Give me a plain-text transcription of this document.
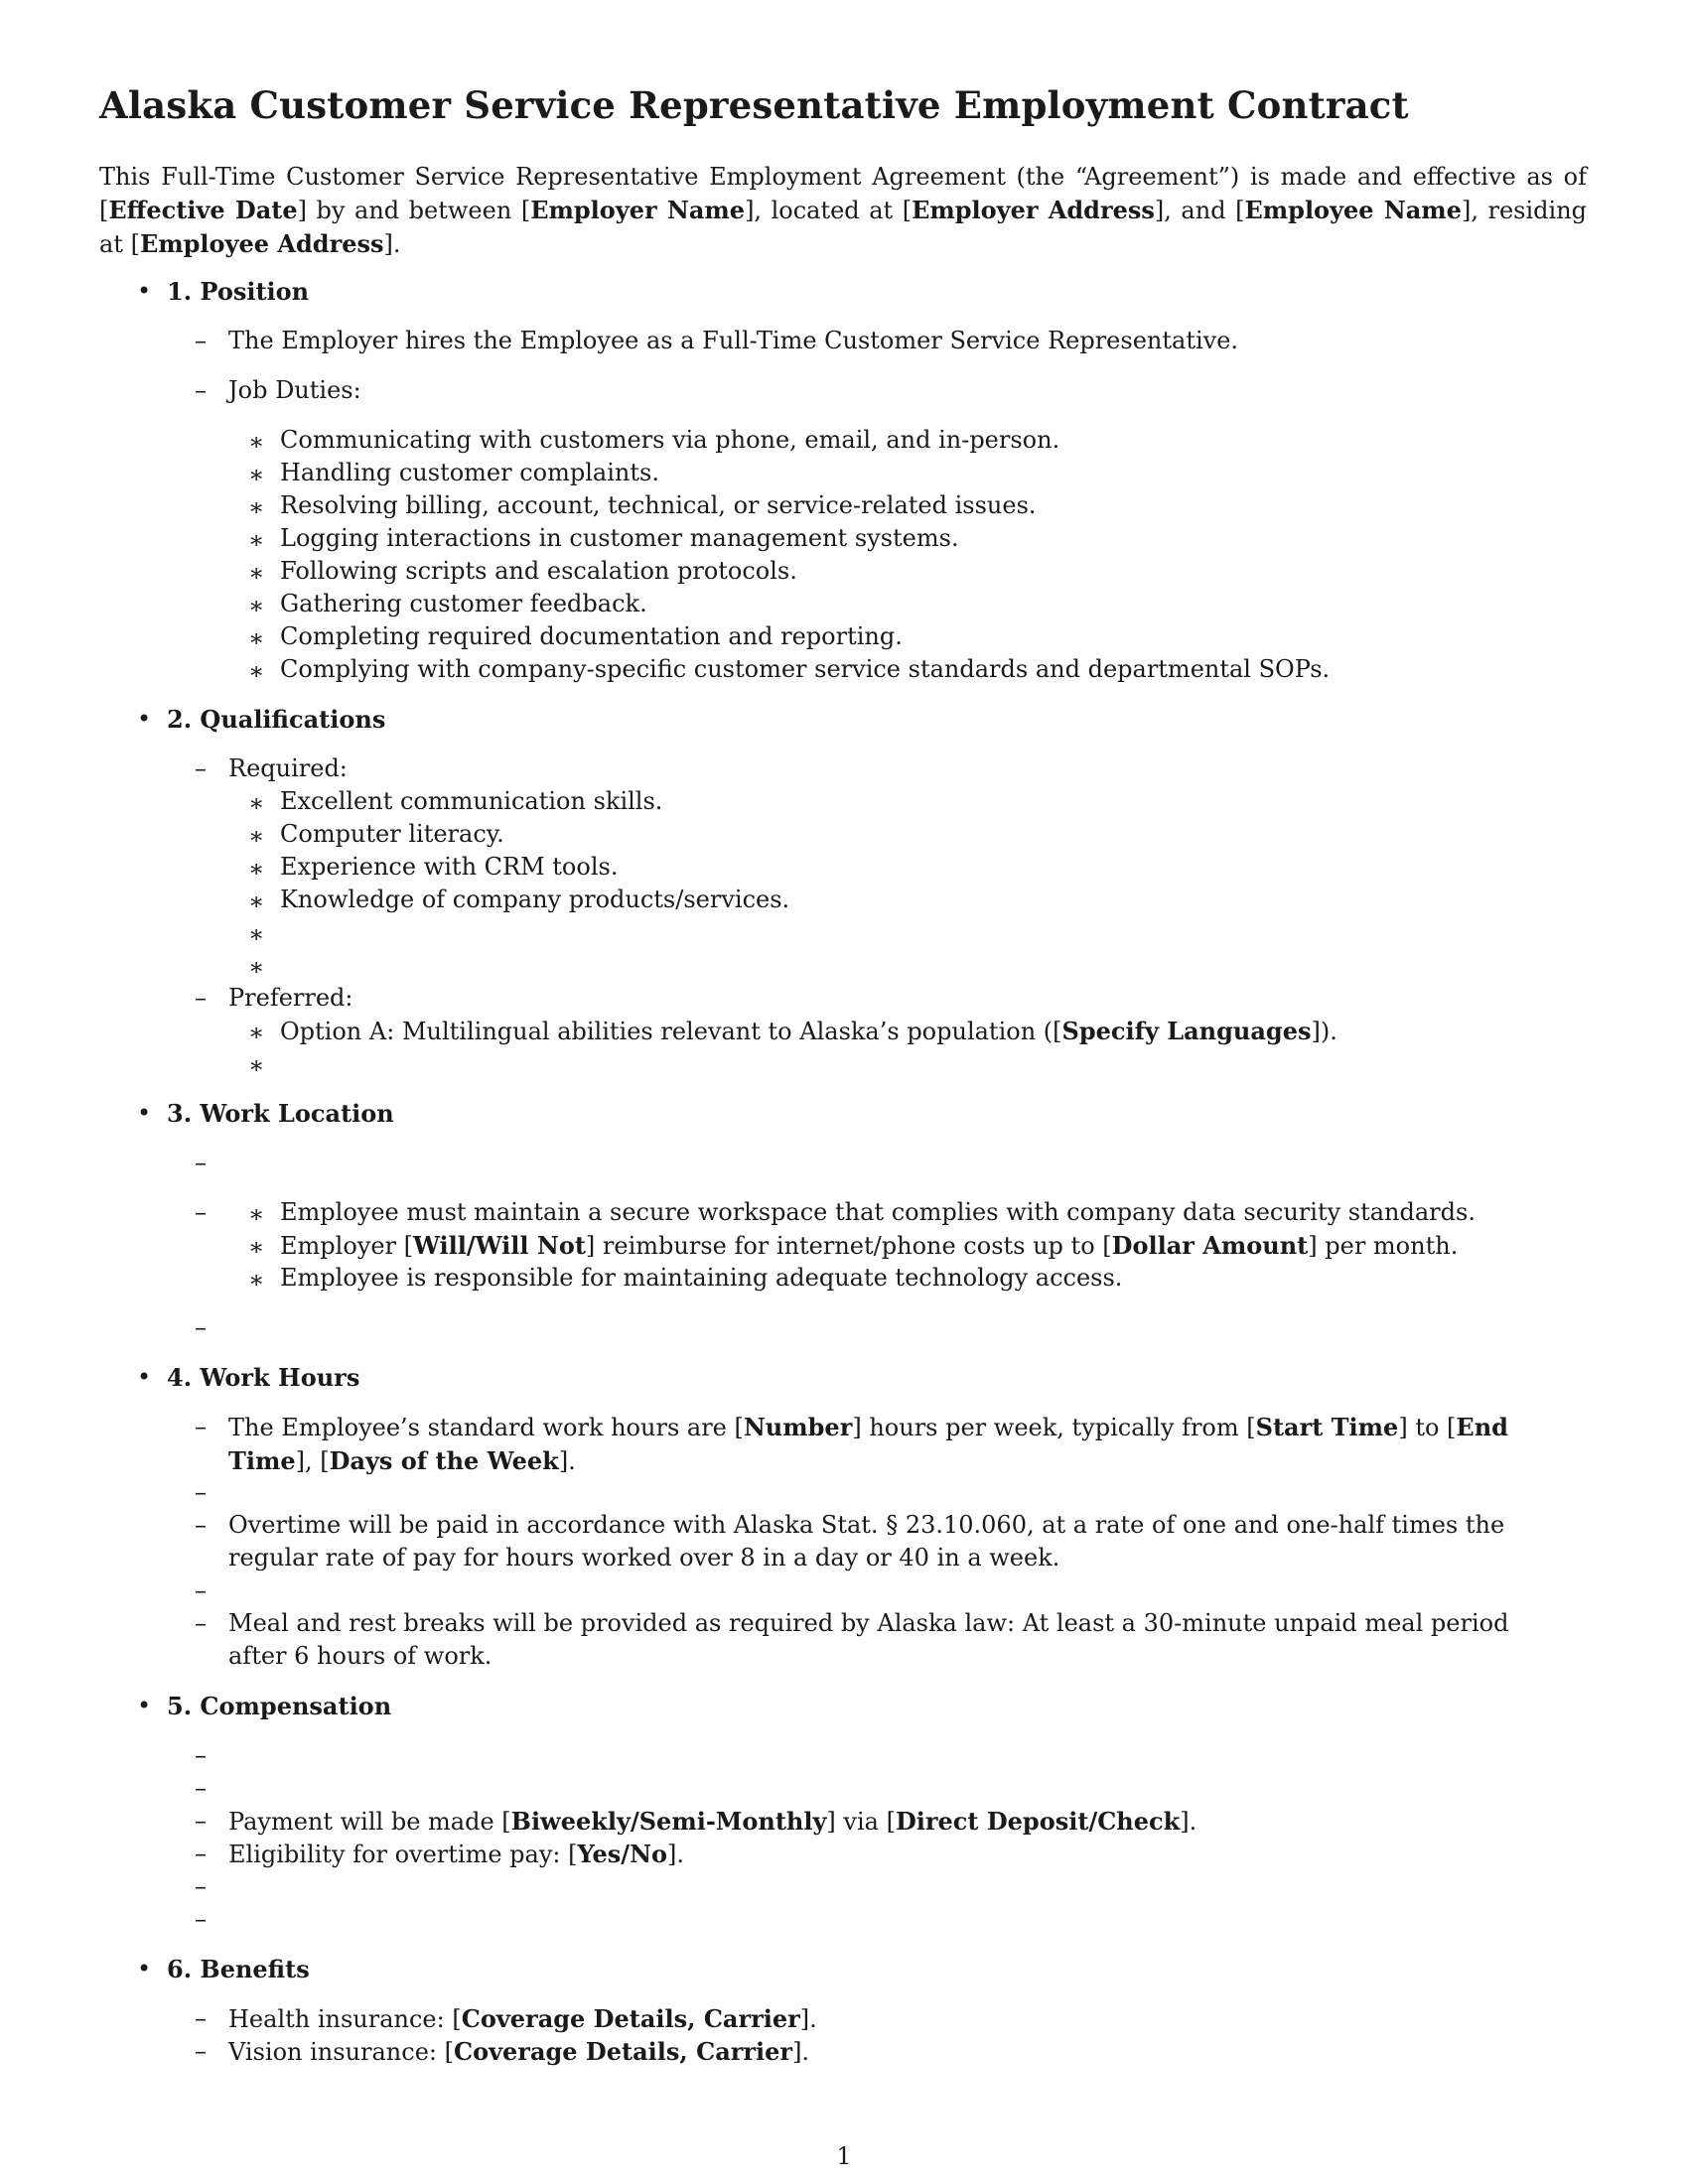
Alaska Customer Service Representative Employment Contract

This Full-Time Customer Service Representative Employment Agreement (the “Agreement”) is made and effective as of [Effective Date] by and between [Employer Name], located at [Employer Address], and [Employee Name], residing at [Employee Address].

• 1. Position
– The Employer hires the Employee as a Full-Time Customer Service Representative.
– Job Duties:
∗ Communicating with customers via phone, email, and in-person.
∗ Handling customer complaints.
∗ Resolving billing, account, technical, or service-related issues.
∗ Logging interactions in customer management systems.
∗ Following scripts and escalation protocols.
∗ Gathering customer feedback.
∗ Completing required documentation and reporting.
∗ Complying with company-specific customer service standards and departmental SOPs.
• 2. Qualifications
– Required:
∗ Excellent communication skills.
∗ Computer literacy.
∗ Experience with CRM tools.
∗ Knowledge of company products/services.
∗
∗
– Preferred:
∗ Option A: Multilingual abilities relevant to Alaska’s population ([Specify Languages]).
∗
• 3. Work Location
–
– ∗ Employee must maintain a secure workspace that complies with company data security standards.
∗ Employer [Will/Will Not] reimburse for internet/phone costs up to [Dollar Amount] per month.
∗ Employee is responsible for maintaining adequate technology access.
–
• 4. Work Hours
– The Employee’s standard work hours are [Number] hours per week, typically from [Start Time] to [End Time], [Days of the Week].
–
– Overtime will be paid in accordance with Alaska Stat. § 23.10.060, at a rate of one and one-half times the regular rate of pay for hours worked over 8 in a day or 40 in a week.
–
– Meal and rest breaks will be provided as required by Alaska law: At least a 30-minute unpaid meal period after 6 hours of work.
• 5. Compensation
–
–
– Payment will be made [Biweekly/Semi-Monthly] via [Direct Deposit/Check].
– Eligibility for overtime pay: [Yes/No].
–
–
• 6. Benefits
– Health insurance: [Coverage Details, Carrier].
– Vision insurance: [Coverage Details, Carrier].
1
